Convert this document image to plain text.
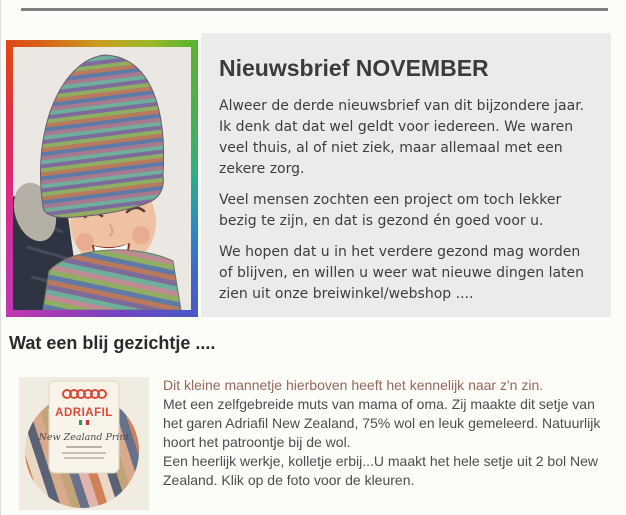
Nieuwsbrief NOVEMBER

Alweer de derde nieuwsbrief van dit bijzondere jaar. Ik denk dat dat wel geldt voor iedereen. We waren veel thuis, al of niet ziek, maar allemaal met een zekere zorg.

Veel mensen zochten een project om toch lekker bezig te zijn, en dat is gezond én goed voor u.

We hopen dat u in het verdere gezond mag worden of blijven, en willen u weer wat nieuwe dingen laten zien uit onze breiwinkel/webshop ....

Wat een blij gezichtje ....
ADRIAFIL
New Zealand Print

Dit kleine mannetje hierboven heeft het kennelijk naar z'n zin.

Met een zelfgebreide muts van mama of oma. Zij maakte dit setje van het garen Adriafil New Zealand, 75% wol en leuk gemeleerd. Natuurlijk hoort het patroontje bij de wol.

Een heerlijk werkje, kolletje erbij...U maakt het hele setje uit 2 bol New Zealand. Klik op de foto voor de kleuren.
